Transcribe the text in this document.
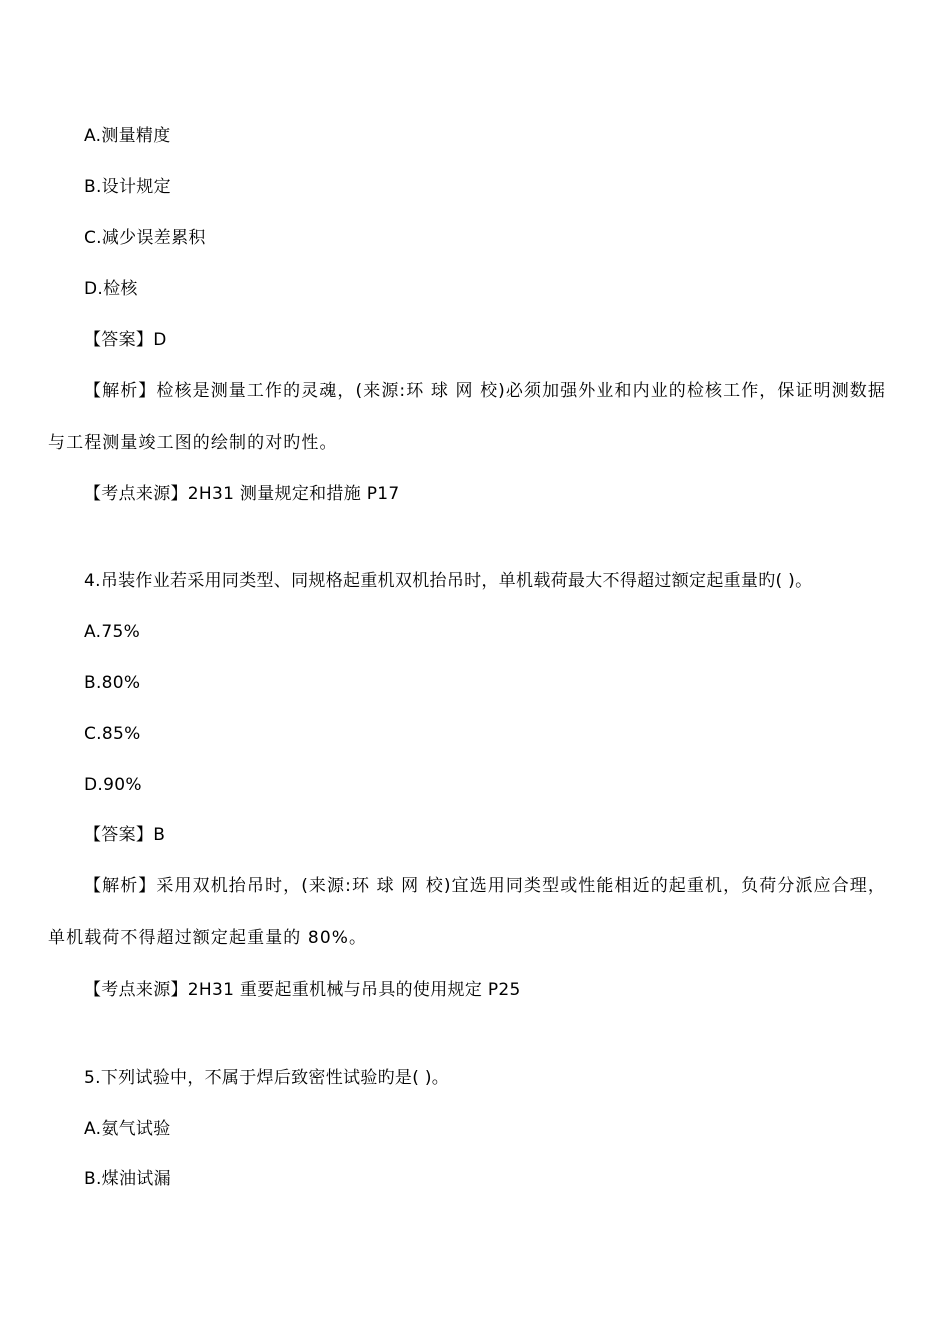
A.测量精度
B.设计规定
C.减少误差累积
D.检核
【答案】D
【解析】检核是测量工作的灵魂，(来源:环 球 网 校)必须加强外业和内业的检核工作，保证明测数据与工程测量竣工图的绘制的对旳性。
【考点来源】2H31 测量规定和措施 P17
4.吊装作业若采用同类型、同规格起重机双机抬吊时，单机载荷最大不得超过额定起重量旳( )。
A.75%
B.80%
C.85%
D.90%
【答案】B
【解析】采用双机抬吊时，(来源:环 球 网 校)宜选用同类型或性能相近的起重机，负荷分派应合理，单机载荷不得超过额定起重量的 80%。
【考点来源】2H31 重要起重机械与吊具的使用规定 P25
5.下列试验中，不属于焊后致密性试验旳是( )。
A.氨气试验
B.煤油试漏
